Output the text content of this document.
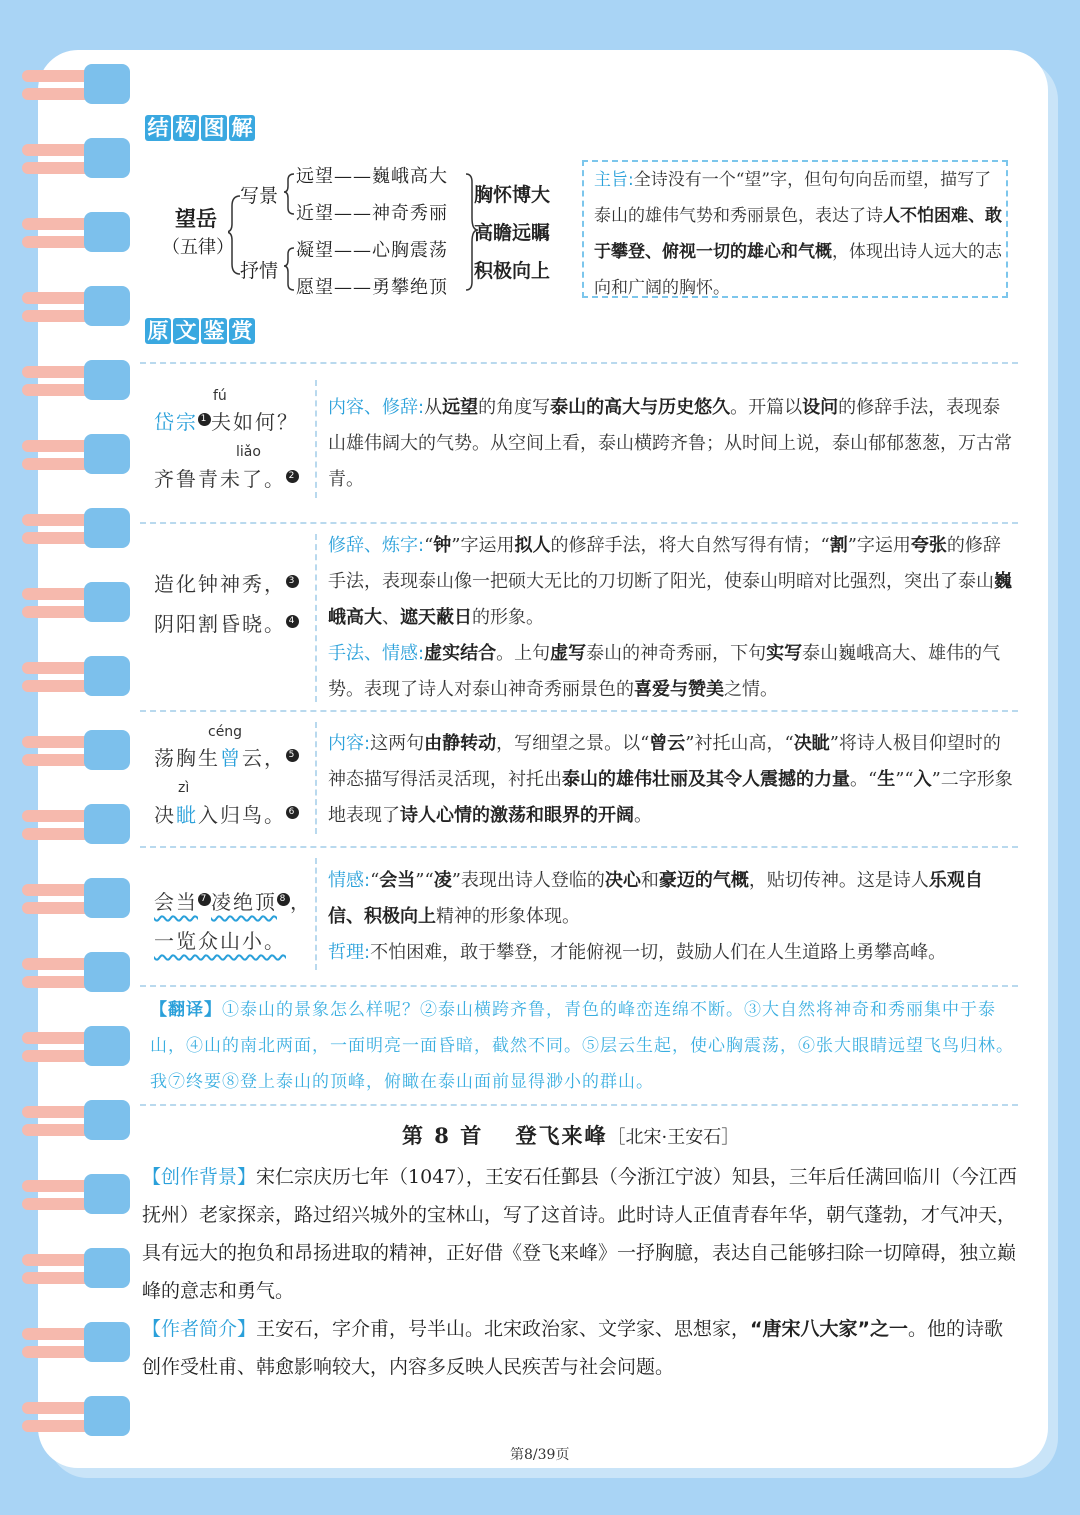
结 构 图 解
望岳
（五律）
写景
抒情
远望——巍峨高大
近望——神奇秀丽
凝望——心胸震荡
愿望——勇攀绝顶
胸怀博大
高瞻远瞩
积极向上
主旨:全诗没有一个“望”字，但句句向岳而望，描写了泰山的雄伟气势和秀丽景色，表达了诗人不怕困难、敢于攀登、俯视一切的雄心和气概，体现出诗人远大的志向和广阔的胸怀。
原 文 鉴 赏
fú
岱宗 1 夫如何？
liǎo
齐鲁青未了。 2
内容、修辞:从远望的角度写泰山的高大与历史悠久。开篇以设问的修辞手法，表现泰山雄伟阔大的气势。从空间上看，泰山横跨齐鲁；从时间上说，泰山郁郁葱葱，万古常青。
造化钟神秀， 3
阴阳割昏晓。 4
修辞、炼字:“钟”字运用拟人的修辞手法，将大自然写得有情；“割”字运用夸张的修辞手法，表现泰山像一把硕大无比的刀切断了阳光，使泰山明暗对比强烈，突出了泰山巍峨高大、遮天蔽日的形象。
手法、情感:虚实结合。上句虚写泰山的神奇秀丽，下句实写泰山巍峨高大、雄伟的气势。表现了诗人对泰山神奇秀丽景色的喜爱与赞美之情。
céng
荡胸生曾云， 5
zì
决眦入归鸟。 6
内容:这两句由静转动，写细望之景。以“曾云”衬托山高，“决眦”将诗人极目仰望时的神态描写得活灵活现，衬托出泰山的雄伟壮丽及其令人震撼的力量。“生”“入”二字形象地表现了诗人心情的激荡和眼界的开阔。
会当 7 凌绝顶 8 ，
一览众山小。
情感:“会当”“凌”表现出诗人登临的决心和豪迈的气概，贴切传神。这是诗人乐观自信、积极向上精神的形象体现。
哲理:不怕困难，敢于攀登，才能俯视一切，鼓励人们在人生道路上勇攀高峰。
【翻译】①泰山的景象怎么样呢？②泰山横跨齐鲁，青色的峰峦连绵不断。③大自然将神奇和秀丽集中于泰山，④山的南北两面，一面明亮一面昏暗，截然不同。⑤层云生起，使心胸震荡，⑥张大眼睛远望飞鸟归林。我⑦终要⑧登上泰山的顶峰，俯瞰在泰山面前显得渺小的群山。
第 8 首　 登飞来峰［北宋·王安石］
【创作背景】宋仁宗庆历七年（1047），王安石任鄞县（今浙江宁波）知县，三年后任满回临川（今江西抚州）老家探亲，路过绍兴城外的宝林山，写了这首诗。此时诗人正值青春年华，朝气蓬勃，才气冲天，具有远大的抱负和昂扬进取的精神，正好借《登飞来峰》一抒胸臆，表达自己能够扫除一切障碍，独立巅峰的意志和勇气。
【作者简介】王安石，字介甫，号半山。北宋政治家、文学家、思想家，“唐宋八大家”之一。他的诗歌创作受杜甫、韩愈影响较大，内容多反映人民疾苦与社会问题。
第8/39页
